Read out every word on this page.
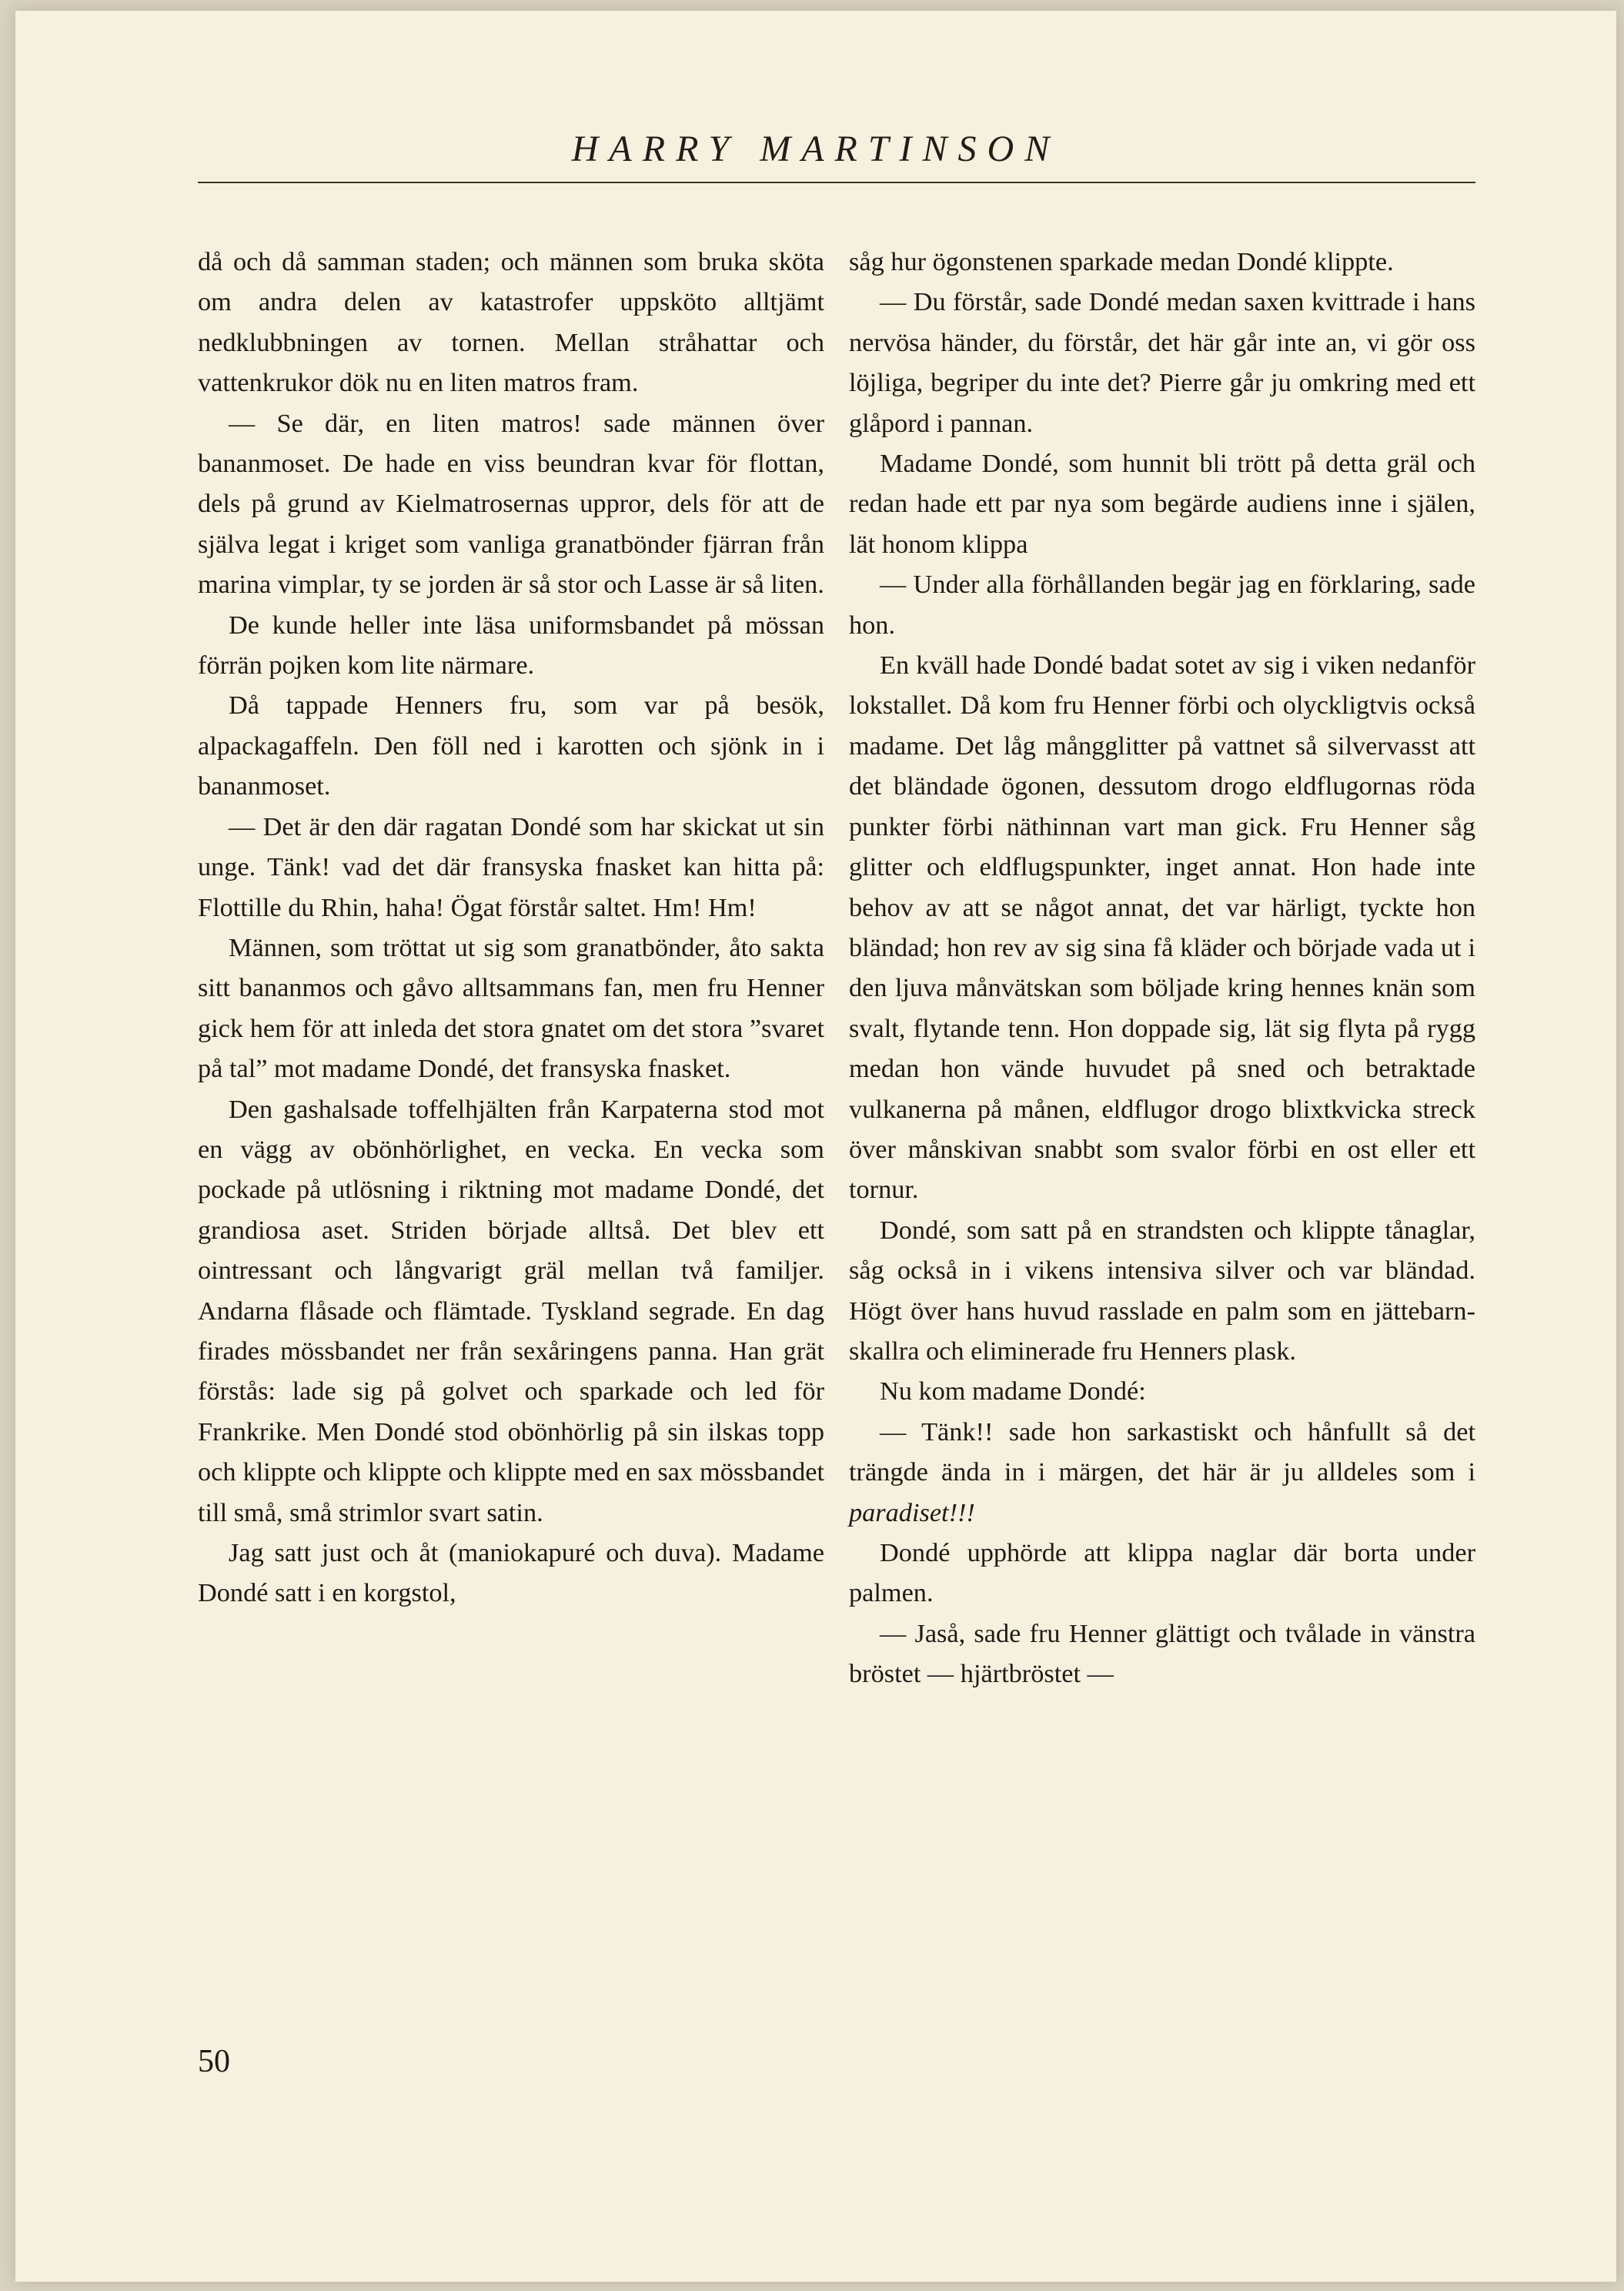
HARRY MARTINSON

då och då samman staden; och männen som bruka sköta om andra delen av katastrofer uppsköto alltjämt nedklubbningen av tornen. Mellan stråhattar och vattenkrukor dök nu en liten matros fram.

— Se där, en liten matros! sade männen över bananmoset. De hade en viss beundran kvar för flottan, dels på grund av Kielmatrosernas uppror, dels för att de själva legat i kriget som vanliga granatbönder fjärran från marina vimplar, ty se jorden är så stor och Lasse är så liten.

De kunde heller inte läsa uniformsbandet på mössan förrän pojken kom lite närmare.

Då tappade Henners fru, som var på besök, alpackagaffeln. Den föll ned i karotten och sjönk in i bananmoset.

— Det är den där ragatan Dondé som har skickat ut sin unge. Tänk! vad det där fransyska fnasket kan hitta på: Flottille du Rhin, haha! Ögat förstår saltet. Hm! Hm!

Männen, som tröttat ut sig som granatbönder, åto sakta sitt bananmos och gåvo alltsammans fan, men fru Henner gick hem för att inleda det stora gnatet om det stora ”svaret på tal” mot madame Dondé, det fransyska fnasket.

Den gashalsade toffelhjälten från Karpaterna stod mot en vägg av obönhörlighet, en vecka. En vecka som pockade på utlösning i riktning mot madame Dondé, det grandiosa aset. Striden började alltså. Det blev ett ointressant och långvarigt gräl mellan två familjer. Andarna flåsade och flämtade. Tyskland segrade. En dag firades mössbandet ner från sexåringens panna. Han grät förstås: lade sig på golvet och sparkade och led för Frankrike. Men Dondé stod obönhörlig på sin ilskas topp och klippte och klippte och klippte med en sax mössbandet till små, små strimlor svart satin.

Jag satt just och åt (maniokapuré och duva). Madame Dondé satt i en korgstol,

såg hur ögonstenen sparkade medan Dondé klippte.

— Du förstår, sade Dondé medan saxen kvittrade i hans nervösa händer, du förstår, det här går inte an, vi gör oss löjliga, begriper du inte det? Pierre går ju omkring med ett glåpord i pannan.

Madame Dondé, som hunnit bli trött på detta gräl och redan hade ett par nya som begärde audiens inne i själen, lät honom klippa

— Under alla förhållanden begär jag en förklaring, sade hon.

En kväll hade Dondé badat sotet av sig i viken nedanför lokstallet. Då kom fru Henner förbi och olyckligtvis också madame. Det låg mångglitter på vattnet så silvervasst att det bländade ögonen, dessutom drogo eldflugornas röda punkter förbi näthinnan vart man gick. Fru Henner såg glitter och eldflugspunkter, inget annat. Hon hade inte behov av att se något annat, det var härligt, tyckte hon bländad; hon rev av sig sina få kläder och började vada ut i den ljuva månvätskan som böljade kring hennes knän som svalt, flytande tenn. Hon doppade sig, lät sig flyta på rygg medan hon vände huvudet på sned och betraktade vulkanerna på månen, eldflugor drogo blixtkvicka streck över månskivan snabbt som svalor förbi en ost eller ett tornur.

Dondé, som satt på en strandsten och klippte tånaglar, såg också in i vikens intensiva silver och var bländad. Högt över hans huvud rasslade en palm som en jättebarnskallra och eliminerade fru Henners plask.

Nu kom madame Dondé:

— Tänk!! sade hon sarkastiskt och hånfullt så det trängde ända in i märgen, det här är ju alldeles som i paradiset!!!

Dondé upphörde att klippa naglar där borta under palmen.

— Jaså, sade fru Henner glättigt och tvålade in vänstra bröstet — hjärtbröstet —

50
